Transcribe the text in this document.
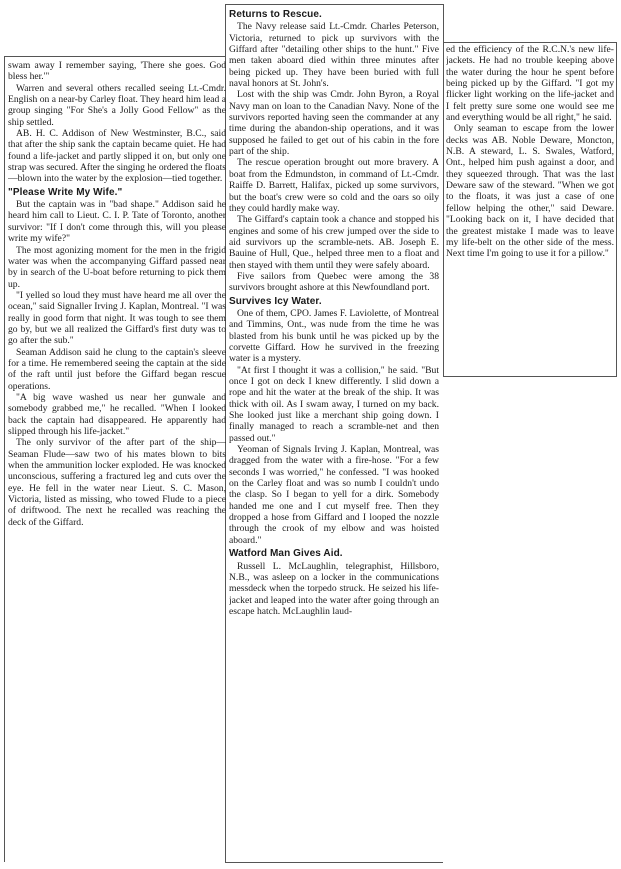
swam away I remember saying, 'There she goes. God bless her.'"

Warren and several others recalled seeing Lt.-Cmdr. English on a near-by Carley float. They heard him lead a group singing "For She's a Jolly Good Fellow" as the ship settled.

AB. H. C. Addison of New Westminster, B.C., said that after the ship sank the captain became quiet. He had found a life-jacket and partly slipped it on, but only one strap was secured. After the singing he ordered the floats—blown into the water by the explosion—tied together.

"Please Write My Wife."

But the captain was in "bad shape." Addison said he heard him call to Lieut. C. I. P. Tate of Toronto, another survivor: "If I don't come through this, will you please write my wife?"

The most agonizing moment for the men in the frigid water was when the accompanying Giffard passed near by in search of the U-boat before returning to pick them up.

"I yelled so loud they must have heard me all over the ocean," said Signaller Irving J. Kaplan, Montreal. "I was really in good form that night. It was tough to see them go by, but we all realized the Giffard's first duty was to go after the sub."

Seaman Addison said he clung to the captain's sleeve for a time. He remembered seeing the captain at the side of the raft until just before the Giffard began rescue operations.

"A big wave washed us near her gunwale and somebody grabbed me," he recalled. "When I looked back the captain had disappeared. He apparently had slipped through his life-jacket."

The only survivor of the after part of the ship—Seaman Flude—saw two of his mates blown to bits when the ammunition locker exploded. He was knocked unconscious, suffering a fractured leg and cuts over the eye. He fell in the water near Lieut. S. C. Mason, Victoria, listed as missing, who towed Flude to a piece of driftwood. The next he recalled was reaching the deck of the Giffard.

Returns to Rescue.

The Navy release said Lt.-Cmdr. Charles Peterson, Victoria, returned to pick up survivors with the Giffard after "detailing other ships to the hunt." Five men taken aboard died within three minutes after being picked up. They have been buried with full naval honors at St. John's.

Lost with the ship was Cmdr. John Byron, a Royal Navy man on loan to the Canadian Navy. None of the survivors reported having seen the commander at any time during the abandon-ship operations, and it was supposed he failed to get out of his cabin in the fore part of the ship.

The rescue operation brought out more bravery. A boat from the Edmundston, in command of Lt.-Cmdr. Raiffe D. Barrett, Halifax, picked up some survivors, but the boat's crew were so cold and the oars so oily they could hardly make way.

The Giffard's captain took a chance and stopped his engines and some of his crew jumped over the side to aid survivors up the scramble-nets. AB. Joseph E. Bauine of Hull, Que., helped three men to a float and then stayed with them until they were safely aboard.

Five sailors from Quebec were among the 38 survivors brought ashore at this Newfoundland port.

Survives Icy Water.

One of them, CPO. James F. Laviolette, of Montreal and Timmins, Ont., was nude from the time he was blasted from his bunk until he was picked up by the corvette Giffard. How he survived in the freezing water is a mystery.

"At first I thought it was a collision," he said. "But once I got on deck I knew differently. I slid down a rope and hit the water at the break of the ship. It was thick with oil. As I swam away, I turned on my back. She looked just like a merchant ship going down. I finally managed to reach a scramble-net and then passed out."

Yeoman of Signals Irving J. Kaplan, Montreal, was dragged from the water with a fire-hose. "For a few seconds I was worried," he confessed. "I was hooked on the Carley float and was so numb I couldn't undo the clasp. So I began to yell for a dirk. Somebody handed me one and I cut myself free. Then they dropped a hose from Giffard and I looped the nozzle through the crook of my elbow and was hoisted aboard."

Watford Man Gives Aid.

Russell L. McLaughlin, telegraphist, Hillsboro, N.B., was asleep on a locker in the communications messdeck when the torpedo struck. He seized his life-jacket and leaped into the water after going through an escape hatch. McLaughlin laud-

ed the efficiency of the R.C.N.'s new life-jackets. He had no trouble keeping above the water during the hour he spent before being picked up by the Giffard. "I got my flicker light working on the life-jacket and I felt pretty sure some one would see me and everything would be all right," he said.

Only seaman to escape from the lower decks was AB. Noble Deware, Moncton, N.B. A steward, L. S. Swales, Watford, Ont., helped him push against a door, and they squeezed through. That was the last Deware saw of the steward. "When we got to the floats, it was just a case of one fellow helping the other," said Deware. "Looking back on it, I have decided that the greatest mistake I made was to leave my life-belt on the other side of the mess. Next time I'm going to use it for a pillow."
